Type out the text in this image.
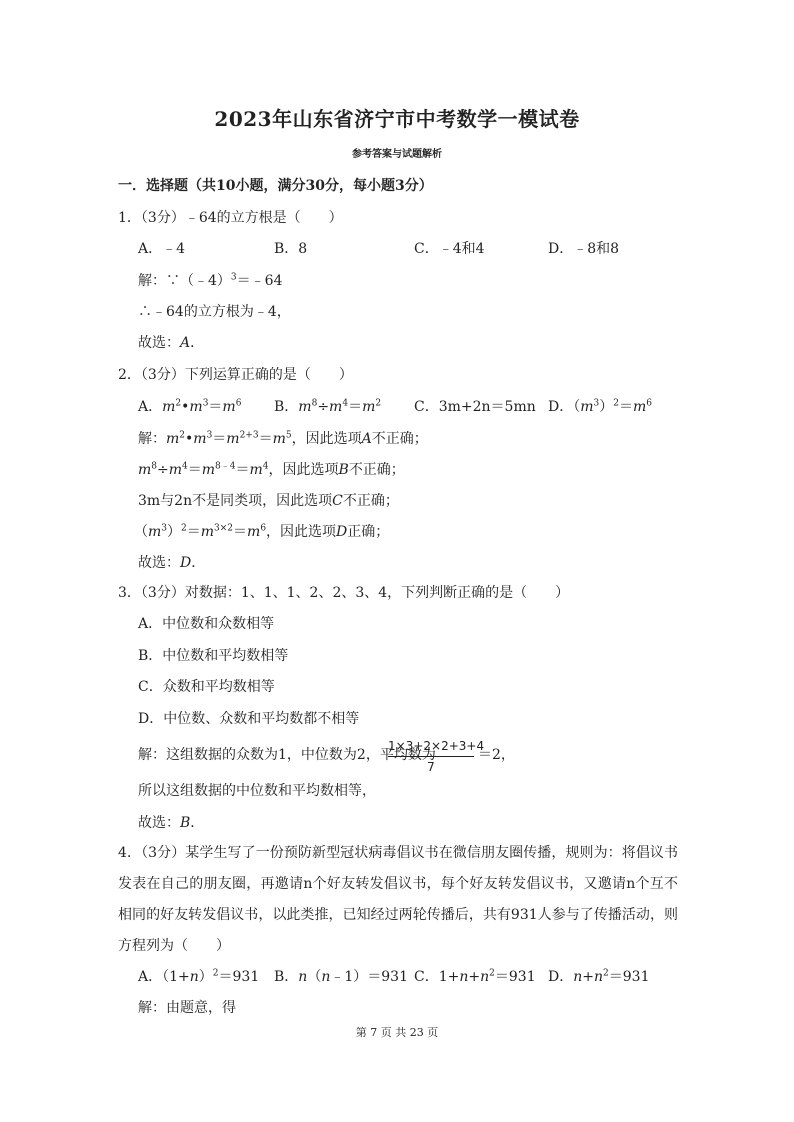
2023年山东省济宁市中考数学一模试卷
参考答案与试题解析
一．选择题（共10小题，满分30分，每小题3分）
1．（3分）﹣64的立方根是（　　）
A．﹣4	B．8	C．﹣4和4	D．﹣8和8
解：∵（﹣4）$^3$＝﹣64
∴﹣64的立方根为﹣4，
故选：A．
2．（3分）下列运算正确的是（　　）
A．$m^2•m^3=m^6$ B．$m^8\div m^4=m^2$ C．3m+2n＝5mn D．$(m^3)^2=m^6$
解：$m^2•m^3=m^{2+3}=m^5$，因此选项A不正确；
$m^8\div m^4=m^{8﹣4}=m^4$，因此选项B不正确；
3m与2n不是同类项，因此选项C不正确；
$(m^3)^2=m^{3\times 2}=m^6$，因此选项D正确；
故选：D．
3．（3分）对数据：1、1、1、2、2、3、4，下列判断正确的是（　　）
A．中位数和众数相等
B．中位数和平均数相等
C．众数和平均数相等
D．中位数、众数和平均数都不相等
解：这组数据的众数为1，中位数为2，平均数为
$\frac{1\times 3+2\times 2+3+4}{7} =2$，
所以这组数据的中位数和平均数相等，
故选：B．
4．（3分）某学生写了一份预防新型冠状病毒倡议书在微信朋友圈传播，规则为：将倡议书发表在自己的朋友圈，再邀请n个好友转发倡议书，每个好友转发倡议书，又邀请n个互不相同的好友转发倡议书，以此类推，已知经过两轮传播后，共有931人参与了传播活动，则方程列为（　　）
A．$(1+n)^2=931$ B．n（n﹣1）＝931 C．$1+n+n^2=931$ D．$n+n^2=931$
解：由题意，得
第 7 页 共 23 页
